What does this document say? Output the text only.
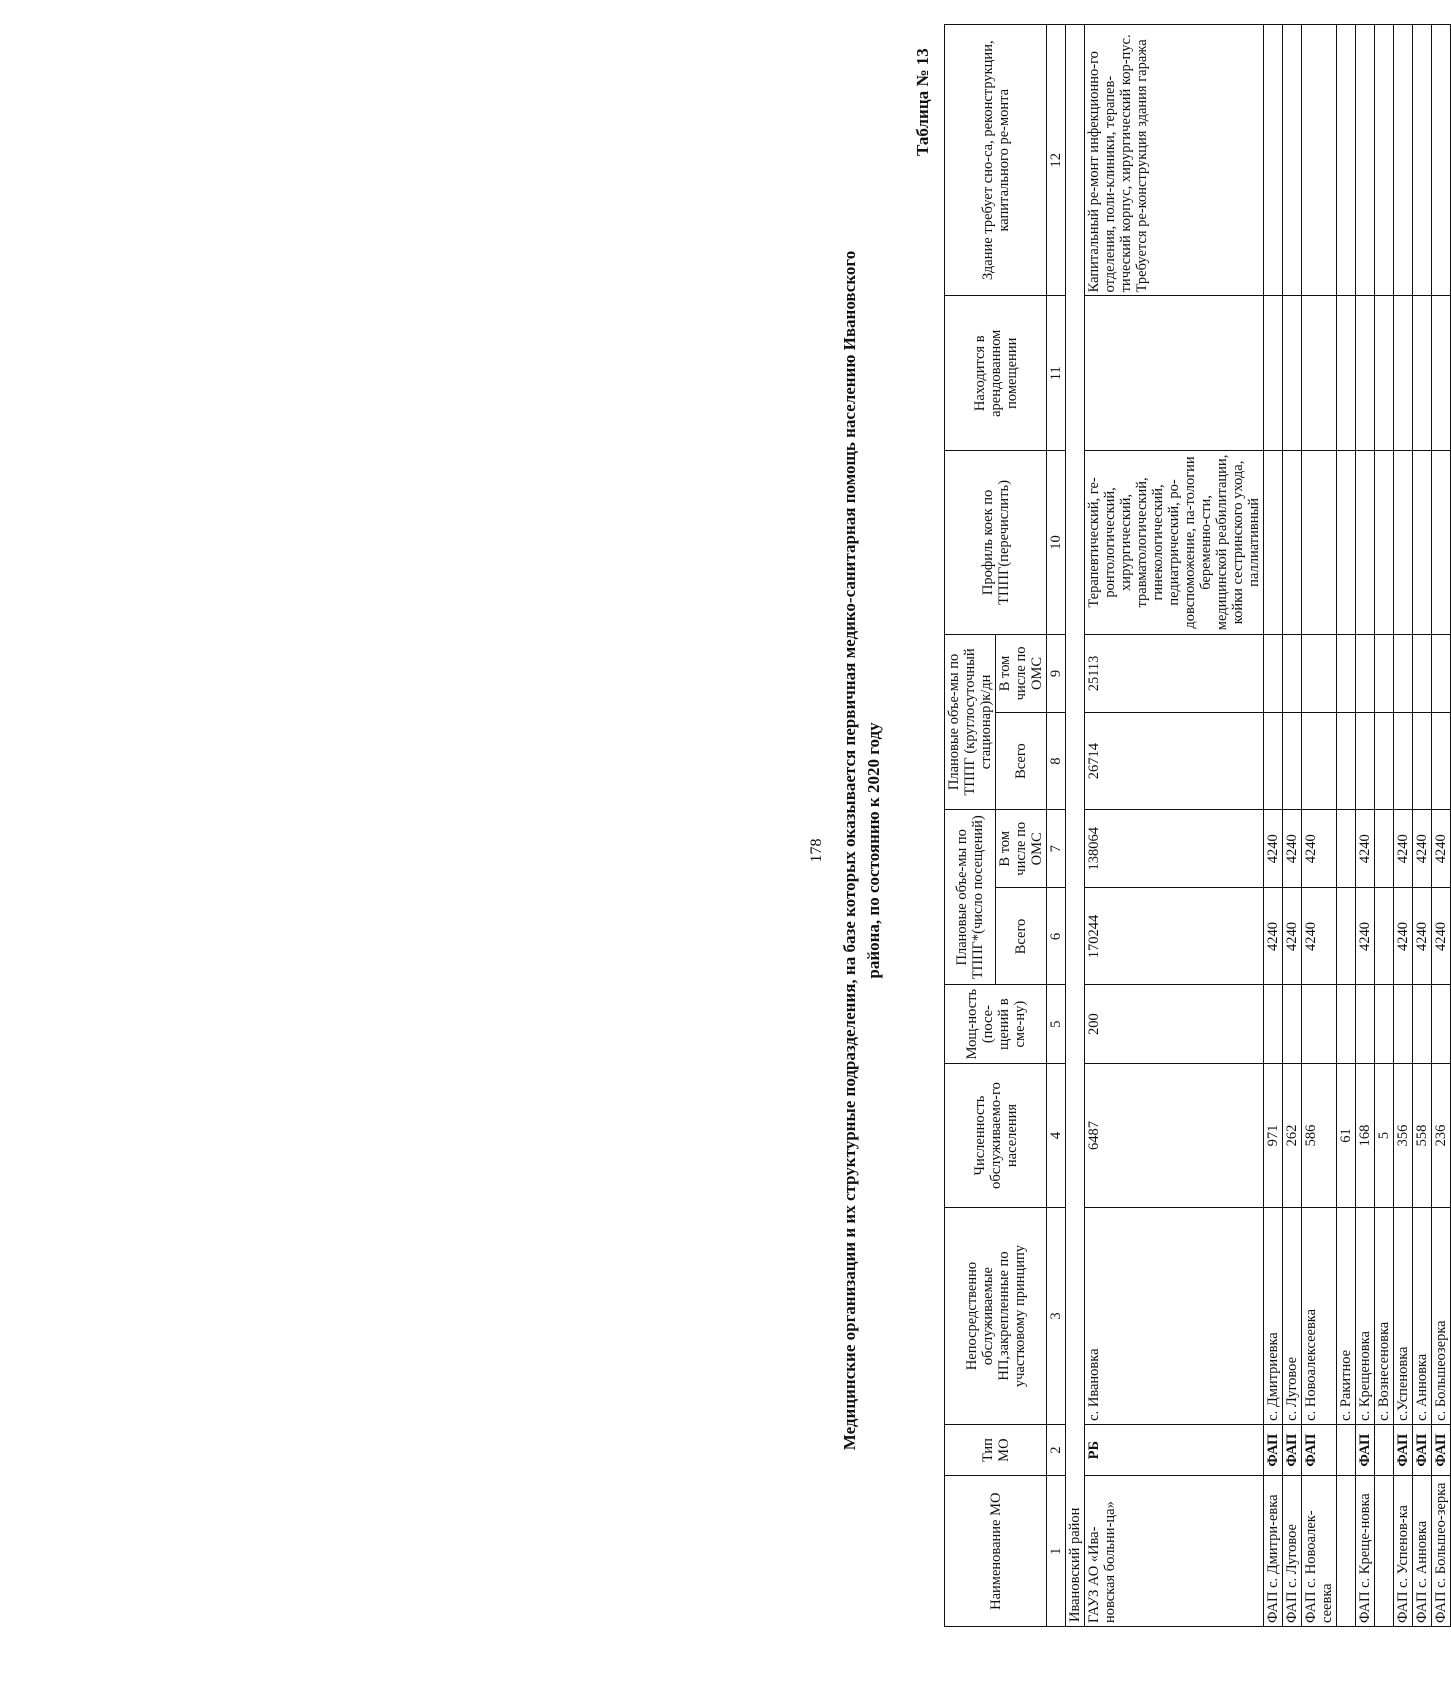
178 Медицинские организации и их структурные подразделения, на базе которых оказывается первичная медико-санитарная помощь населению Ивановского района, по состоянию к 2020 году
Таблица № 13
Наименование МО	Тип МО	Непосредственно обслуживаемые НП,закрепленные по участковому принципу	Численность обслуживаемо-го населения	Мощ-ность (посе-щений в сме-ну)	Плановые объе-мы по ТППГ*(число посещений)		Плановые объе-мы по ТППГ (круглосуточный стационар)к/дн		Профиль коек по ТППГ(перечислить)	Находится в арендованном помещении	Здание требует сно-са, реконструкции, капитального ре-монта
					Всего	В том числе по ОМС	Всего	В том числе по ОМС			
1	2	3	4	5	6	7	8	9	10	11	12
Ивановский район											
ГАУЗ АО «Ива-новская больни-ца»	РБ	с. Ивановка	6487	200	170244	138064	26714	25113	Терапевтический, ге-ронтологический, хирургический, травматологический, гинекологический, педиатрический, ро-довспоможение, па-тологии беременно-сти, медицинской реабилитации, койки сестринского ухода, паллиативный		Капитальный ре-монт инфекционно-го отделения, поли-клиники, терапев-тический корпус, хирургический кор-пус. Требуется ре-конструкция здания гаража
ФАП с. Дмитри-евка	ФАП	с. Дмитриевка	971		4240	4240					
ФАП с. Луговое	ФАП	с. Луговое	262		4240	4240					
ФАП с. Новоалек-сеевка	ФАП	с. Новоалексеевка	586		4240	4240					
		с. Ракитное	61								
ФАП с. Креще-новка	ФАП	с. Крещеновка	168		4240	4240					
		с. Вознесеновка	5								
ФАП с. Успенов-ка	ФАП	с.Успеновка	356		4240	4240					
ФАП с. Анновка	ФАП	с. Анновка	558		4240	4240					
ФАП с. Большео-зерка	ФАП	с. Большеозерка	236		4240	4240					
